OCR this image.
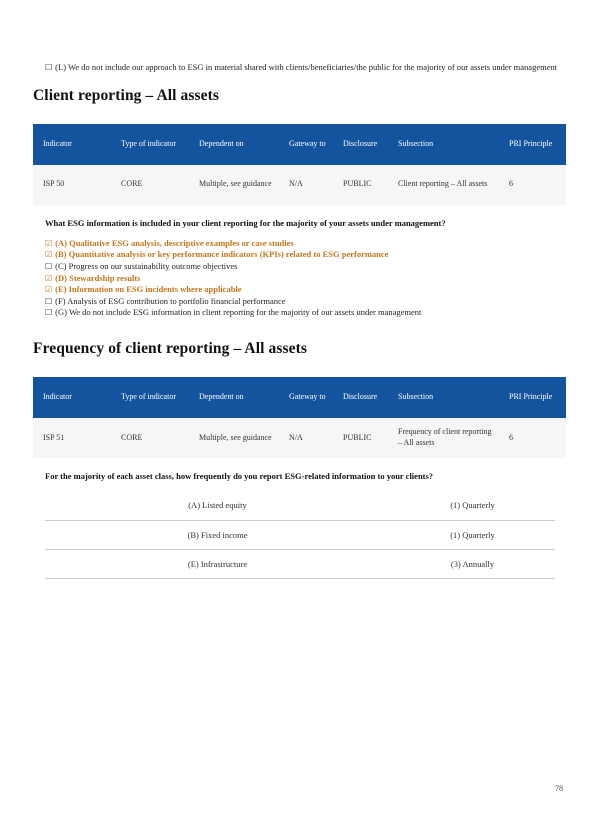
☐ (L) We do not include our approach to ESG in material shared with clients/beneficiaries/the public for the majority of our assets under management

Client reporting – All assets
Indicator	Type of indicator	Dependent on	Gateway to	Disclosure	Subsection	PRI Principle
ISP 50	CORE	Multiple, see guidance	N/A	PUBLIC	Client reporting – All assets	6

What ESG information is included in your client reporting for the majority of your assets under management?

☑ (A) Qualitative ESG analysis, descriptive examples or case studies
☑ (B) Quantitative analysis or key performance indicators (KPIs) related to ESG performance
☐ (C) Progress on our sustainability outcome objectives
☑ (D) Stewardship results
☑ (E) Information on ESG incidents where applicable
☐ (F) Analysis of ESG contribution to portfolio financial performance
☐ (G) We do not include ESG information in client reporting for the majority of our assets under management
Frequency of client reporting – All assets
Indicator	Type of indicator	Dependent on	Gateway to	Disclosure	Subsection	PRI Principle
ISP 51	CORE	Multiple, see guidance	N/A	PUBLIC	Frequency of client reporting – All assets	6

For the majority of each asset class, how frequently do you report ESG-related information to your clients?

(A) Listed equity	(1) Quarterly
(B) Fixed income	(1) Quarterly
(E) Infrastructure	(3) Annually
78
